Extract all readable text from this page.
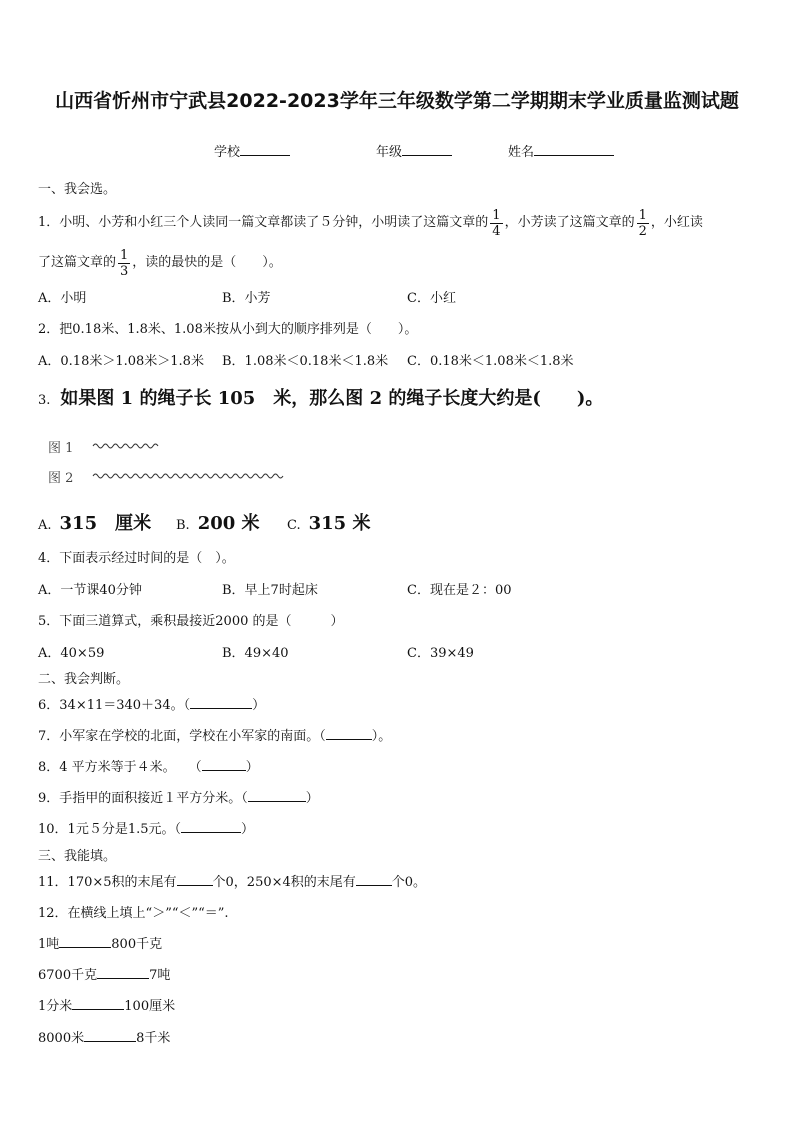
山西省忻州市宁武县2022-2023学年三年级数学第二学期期末学业质量监测试题
学校	年级	姓名
一、我会选。
1．小明、小芳和小红三个人读同一篇文章都读了５分钟，小明读了这篇文章的 $\frac{1}{4}$ ，小芳读了这篇文章的 $\frac{1}{2}$ ，小红读
了这篇文章的 $\frac{1}{3}$ ，读的最快的是（　　）。
A．小明	B．小芳	C．小红
2．把0.18米、1.8米、1.08米按从小到大的顺序排列是（　　）。
A．0.18米＞1.08米＞1.8米 B．1.08米＜0.18米＜1.8米 C．0.18米＜1.08米＜1.8米
3. 如果图 1 的绳子长 105　米，那么图 2 的绳子长度大约是(　　)。
图 1
图 2
A. 315　厘米 B. 200 米 C. 315 米
4．下面表示经过时间的是（　）。
A．一节课40分钟	B．早上7时起床	C．现在是２：00
5．下面三道算式，乘积最接近2000 的是（　　　）
A．40×59	B．49×40	C．39×49
二、我会判断。
6．34×11＝340＋34。（	）
7．小军家在学校的北面，学校在小军家的南面。（	）。
8．4 平方米等于４米。　　（	）
9．手指甲的面积接近１平方分米。（	）
10．1元５分是1.5元。（	）
三、我能填。
11．170×5积的末尾有	个0，250×4积的末尾有	个0。
12．在横线上填上“＞”“＜”“＝”.
1吨	800千克
6700千克	7吨
1分米	100厘米
8000米	8千米
